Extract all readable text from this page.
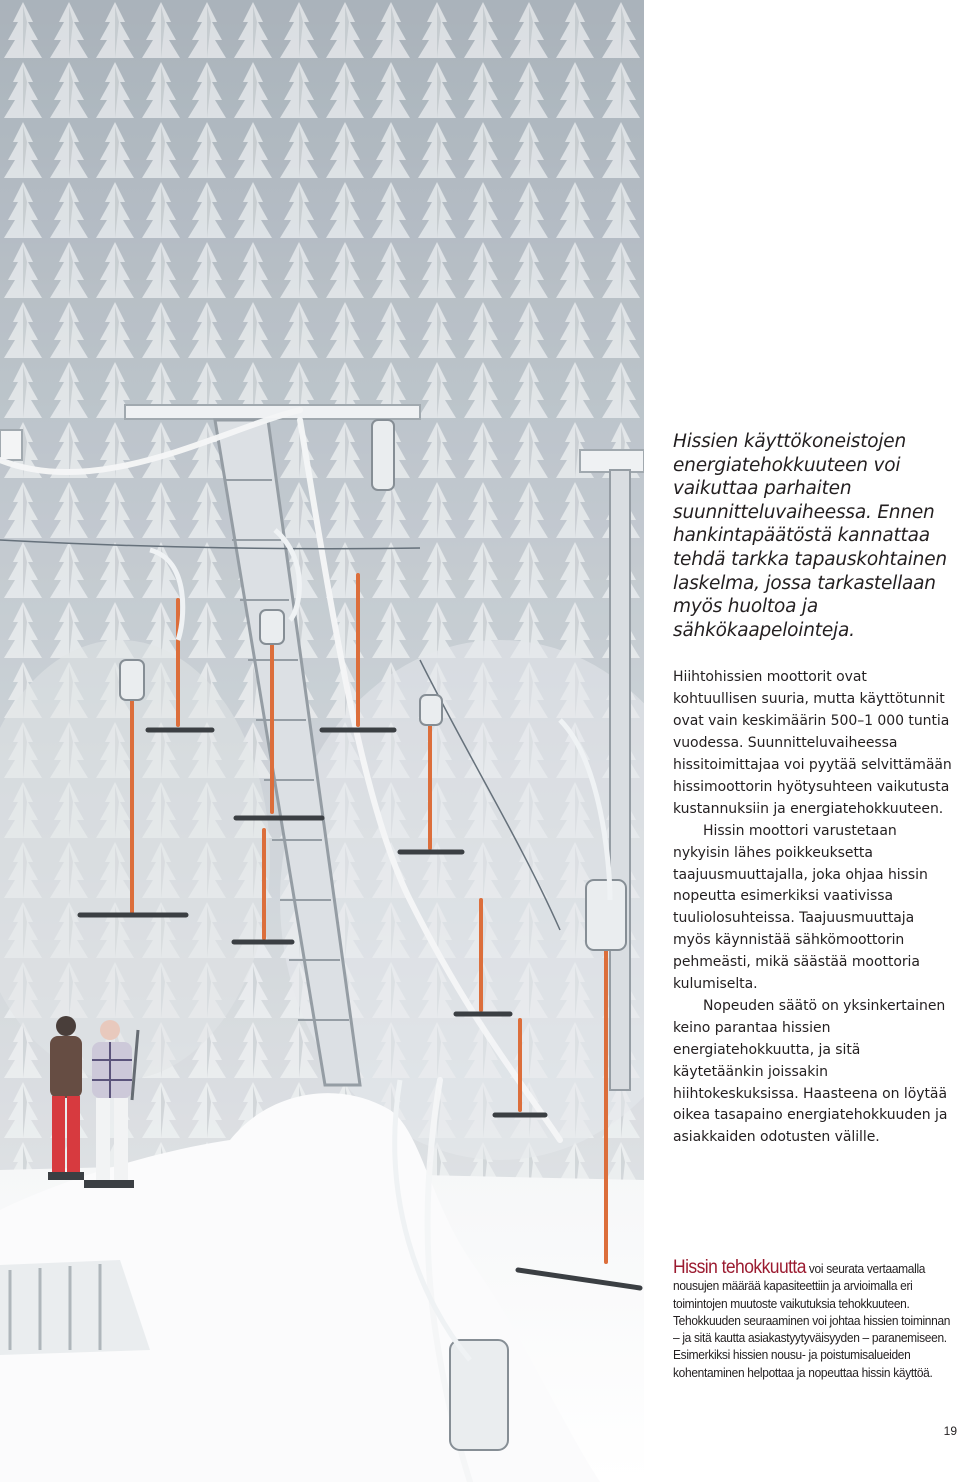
Hissien käyttökoneistojen energiatehokkuuteen voi vaikuttaa parhaiten suunnitteluvaiheessa. Ennen hankintapäätöstä kannattaa tehdä tarkka tapauskohtainen laskelma, jossa tarkastellaan myös huoltoa ja sähkökaapelointeja.

Hiihtohissien moottorit ovat kohtuullisen suuria, mutta käyttötunnit ovat vain keskimäärin 500–1 000 tuntia vuodessa. Suunnitteluvaiheessa hissitoimittajaa voi pyytää selvittämään hissimoottorin hyötysuhteen vaikutusta kustannuksiin ja energiatehokkuuteen.

Hissin moottori varustetaan nykyisin lähes poikkeuksetta taajuusmuuttajalla, joka ohjaa hissin nopeutta esimerkiksi vaativissa tuuliolosuhteissa. Taajuusmuuttaja myös käynnistää sähkömoottorin pehmeästi, mikä säästää moottoria kulumiselta.

Nopeuden säätö on yksinkertainen keino parantaa hissien energiatehokkuutta, ja sitä käytetäänkin joissakin hiihtokeskuksissa. Haasteena on löytää oikea tasapaino energiatehokkuuden ja asiakkaiden odotusten välille.

Hissin tehokkuutta voi seurata vertaamalla nousujen määrää kapasiteettiin ja arvioimalla eri toimintojen muutoste vaikutuksia tehokkuuteen. Tehokkuuden seuraaminen voi johtaa hissien toiminnan – ja sitä kautta asiakastyytyväisyyden – paranemiseen. Esimerkiksi hissien nousu- ja poistumisalueiden kohentaminen helpottaa ja nopeuttaa hissin käyttöä.
19
